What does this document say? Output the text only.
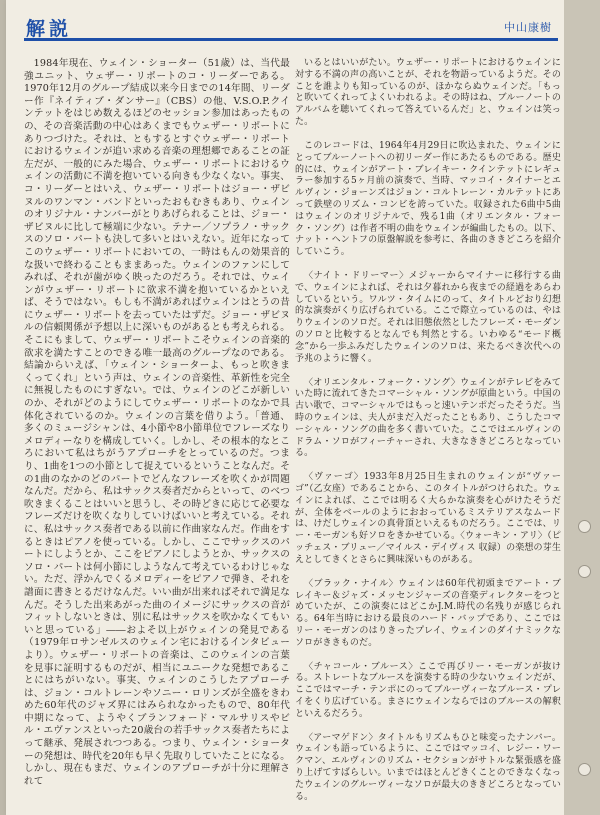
解説	中山康樹

1984年現在、ウェイン・ショーター（51歳）は、当代最強ユニット、ウェザー・リポートのコ・リーダーである。1970年12月のグループ結成以来今日までの14年間、リーダー作『ネイティブ・ダンサー』（CBS）の他、V.S.O.P.クインテットをはじめ数えるほどのセッション参加はあったものの、その音楽活動の中心はあくまでもウェザー・リポートにありつづけた。それは、ともするとすぐウェザー・リポートにおけるウェインが追い求める音楽の理想郷であることの証左だが、一般的にみた場合、ウェザー・リポートにおけるウェインの活動に不満を抱いている向きも少なくない。事実、コ・リーダーとはいえ、ウェザー・リポートはジョー・ザビヌルのワンマン・バンドといったおもむきもあり、ウェインのオリジナル・ナンバーがとりあげられることは、ジョー・ザビヌルに比して極端に少ない。テナー／ソプラノ・サックスのソロ・パートも決して多いとはいえない。近年になってこのウェザー・リポートにおいての、一時はもんの効果音的な扱いで終わることもままあった。ウェインのファンにしてみれば、それが歯がゆく映ったのだろう。それでは、ウェインがウェザー・リポートに欲求不満を抱いているかといえば、そうではない。もしも不満があればウェインはとうの昔にウェザー・リポートを去っていたはずだ。ジョー・ザビヌルの信頼関係が予想以上に深いものがあるとも考えられる。そこにもまして、ウェザー・リポートこそウェインの音楽的欲求を満たすことのできる唯一最高のグループなのである。結論からいえば、「ウェイン・ショーターよ、もっと吹きまくってくれ」という声は、ウェインの音楽性、革新性を完全に無視したものにすぎない。では、ウェインのどこが新しいのか、それがどのようにしてウェザー・リポートのなかで具体化されているのか。ウェインの言葉を借りよう。「普通、多くのミュージシャンは、4小節や8小節単位でフレーズなりメロディーなりを構成していく。しかし、その根本的なところにおいて私はちがうアプローチをとっているのだ。つまり、1曲を1つの小節として捉えているということなんだ。その1曲のなかのどのパートでどんなフレーズを吹くかが問題なんだ。だから、私はサックス奏者だからといって、のべつ吹きまくることはいいと思うし、その時どきに応じて必要なフレーズだけを吹くなりしていけばいいと考えている。それに、私はサックス奏者である以前に作曲家なんだ。作曲をするときはピアノを使っている。しかし、ここでサックスのパートにしようとか、ここをピアノにしようとか、サックスのソロ・パートは何小節にしようなんて考えているわけじゃない。ただ、浮かんでくるメロディーをピアノで弾き、それを譜面に書きとるだけなんだ。いい曲が出来ればそれで満足なんだ。そうした出来あがった曲のイメージにサックスの音がフィットしないときは、別に私はサックスを吹かなくてもいいと思っている」――およそ以上がウェインの発見である（1979年ロサンゼルスのウェイン宅におけるインタビューより）。ウェザー・リポートの音楽は、このウェインの言葉を見事に証明するものだが、相当にユニークな発想であることにはちがいない。事実、ウェインのこうしたアプローチは、ジョン・コルトレーンやソニー・ロリンズが全盛をきわめた60年代のジャズ界にはみられなかったもので、80年代中期になって、ようやくブランフォード・マルサリスやビル・エヴァンスといった20歳台の若手サックス奏者たちによって継承、発展されつつある。つまり、ウェイン・ショーターの発想は、時代を20年も早く先取りしていたことになる。しかし、現在もまだ、ウェインのアプローチが十分に理解されて

いるとはいいがたい。ウェザー・リポートにおけるウェインに対する不満の声の高いことが、それを物語っているようだ。そのことを誰よりも知っているのが、ほかならぬウェインだ。「もっと吹いてくれってよくいわれるよ。その時はね、ブルーノートのアルバムを聴いてくれって答えているんだ」と、ウェインは笑った。

このレコードは、1964年4月29日に吹込まれた、ウェインにとってブルーノートへの初リーダー作にあたるものである。歴史的には、ウェインがアート・ブレイキー・クインテットにレギュラー参加する5ヶ月前の演奏で、当時、マッコイ・タイナーとエルヴィン・ジョーンズはジョン・コルトレーン・カルテットにあって鉄壁のリズム・コンビを誇っていた。収録された6曲中5曲はウェインのオリジナルで、残る1曲（オリエンタル・フォーク・ソング）は作者不明の曲をウェインが編曲したもの。以下、ナット・ヘントフの原盤解説を参考に、各曲のききどころを紹介していこう。

〈ナイト・ドリーマー〉メジャーからマイナーに移行する曲で、ウェインによれば、それは夕暮れから夜までの経過をあらわしているという。ワルツ・タイムにのって、タイトルどおり幻想的な演奏がくり広げられている。ここで際立っているのは、やはりウェインのソロだ。それは旧態依然としたフレーズ・モーダンのソロと比較するとなんでも判然とする。いわゆる“モード概念”から一歩ふみだしたウェインのソロは、来たるべき次代への予兆のように響く。

〈オリエンタル・フォーク・ソング〉ウェインがテレビをみていた時に流れてきたコマーシャル・ソングが原曲という。中国の古い歌で、コマーシャルではもっと速いテンポだったそうだ。当時のウェインは、夫人がまだ入だったこともあり、こうしたコマーシャル・ソングの曲を多く書いていた。ここではエルヴィンのドラム・ソロがフィーチャーされ、大きなききどころとなっている。

〈ヴァーゴ〉1933年8月25日生まれのウェインが“ヴァーゴ”（乙女座）であることから、このタイトルがつけられた。ウェインによれば、ここでは明るく大らかな演奏を心がけたそうだが、全体をベールのようにおおっているミステリアスなムードは、けだしウェインの真骨頂といえるものだろう。ここでは、リー・モーガンも好ソロをきかせている。〈ウォーキン・アリ〉（ピッチェス・ブリュー／マイルス・デイヴィス 収録）の楽想の芽生えとしてきくとさらに興味深いものがある。

〈ブラック・ナイル〉ウェインは60年代初頭までアート・ブレイキー＆ジャズ・メッセンジャーズの音楽ディレクターをつとめていたが、この演奏にはどこかJ.M.時代の名残りが感じられる。64年当時における最良のハード・バップであり、ここではリー・モーガンのはりきったプレイ、ウェインのダイナミックなソロがききものだ。

〈チャコール・ブルース〉ここで再びリー・モーガンが抜ける。ストレートなブルースを演奏する時の少ないウェインだが、ここではマーチ・テンポにのってブルーヴィーなブルース・プレイをくり広げている。まさにウェインならではのブルースの解釈といえるだろう。

〈アーマゲドン〉タイトルもリズムもひと味変ったナンバー。ウェインも語っているように、ここではマッコイ、レジー・ワークマン、エルヴィンのリズム・セクションがサトルな緊張感を盛り上げてすばらしい。いまではほとんどきくことのできなくなったウェインのグルーヴィーなソロが最大のききどころとなっている。
